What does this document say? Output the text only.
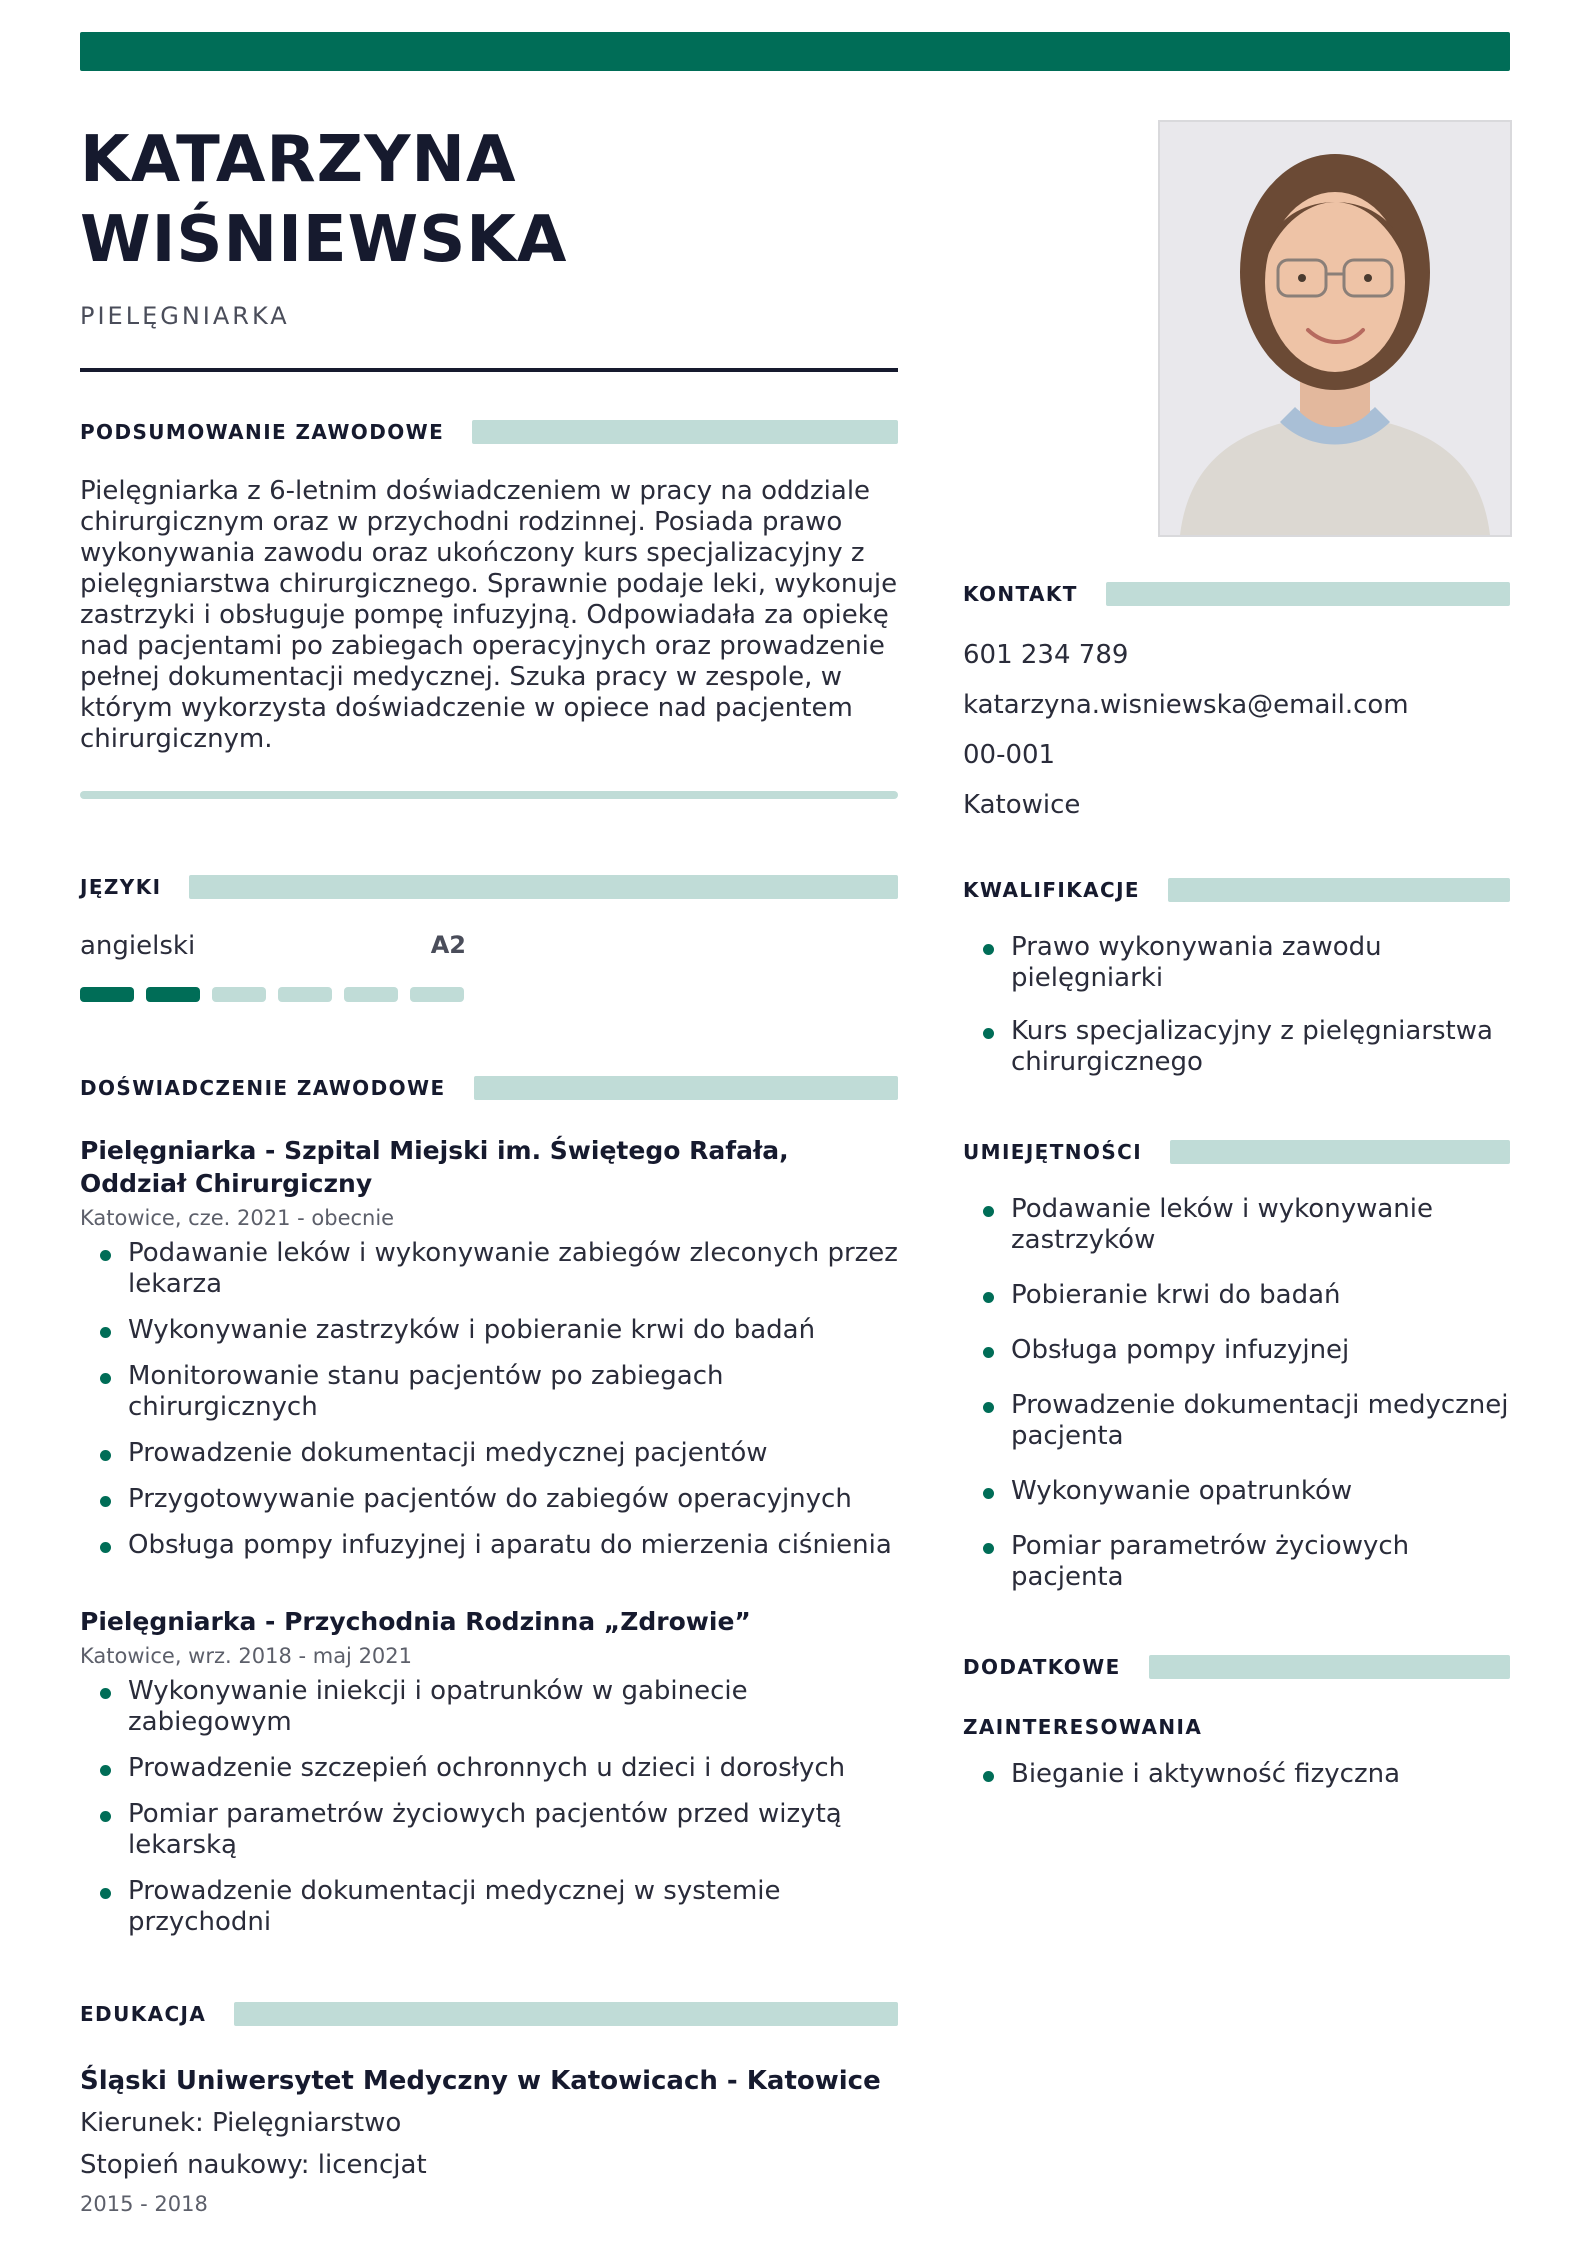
KATARZYNA
WIŚNIEWSKA
PIELĘGNIARKA
PODSUMOWANIE ZAWODOWE
Pielęgniarka z 6-letnim doświadczeniem w pracy na oddziale chirurgicznym oraz w przychodni rodzinnej. Posiada prawo wykonywania zawodu oraz ukończony kurs specjalizacyjny z pielęgniarstwa chirurgicznego. Sprawnie podaje leki, wykonuje zastrzyki i obsługuje pompę infuzyjną. Odpowiadała za opiekę nad pacjentami po zabiegach operacyjnych oraz prowadzenie pełnej dokumentacji medycznej. Szuka pracy w zespole, w którym wykorzysta doświadczenie w opiece nad pacjentem chirurgicznym.
JĘZYKI
angielski	A2
DOŚWIADCZENIE ZAWODOWE
Pielęgniarka - Szpital Miejski im. Świętego Rafała, Oddział Chirurgiczny
Katowice, cze. 2021 - obecnie
Podawanie leków i wykonywanie zabiegów zleconych przez lekarza
Wykonywanie zastrzyków i pobieranie krwi do badań
Monitorowanie stanu pacjentów po zabiegach chirurgicznych
Prowadzenie dokumentacji medycznej pacjentów
Przygotowywanie pacjentów do zabiegów operacyjnych
Obsługa pompy infuzyjnej i aparatu do mierzenia ciśnienia
Pielęgniarka - Przychodnia Rodzinna „Zdrowie”
Katowice, wrz. 2018 - maj 2021
Wykonywanie iniekcji i opatrunków w gabinecie zabiegowym
Prowadzenie szczepień ochronnych u dzieci i dorosłych
Pomiar parametrów życiowych pacjentów przed wizytą lekarską
Prowadzenie dokumentacji medycznej w systemie przychodni
EDUKACJA
Śląski Uniwersytet Medyczny w Katowicach - Katowice
Kierunek: Pielęgniarstwo
Stopień naukowy: licencjat
2015 - 2018
KONTAKT
601 234 789
katarzyna.wisniewska@email.com
00-001
Katowice
KWALIFIKACJE
Prawo wykonywania zawodu pielęgniarki
Kurs specjalizacyjny z pielęgniarstwa chirurgicznego
UMIEJĘTNOŚCI
Podawanie leków i wykonywanie zastrzyków
Pobieranie krwi do badań
Obsługa pompy infuzyjnej
Prowadzenie dokumentacji medycznej pacjenta
Wykonywanie opatrunków
Pomiar parametrów życiowych pacjenta
DODATKOWE
ZAINTERESOWANIA
Bieganie i aktywność fizyczna
